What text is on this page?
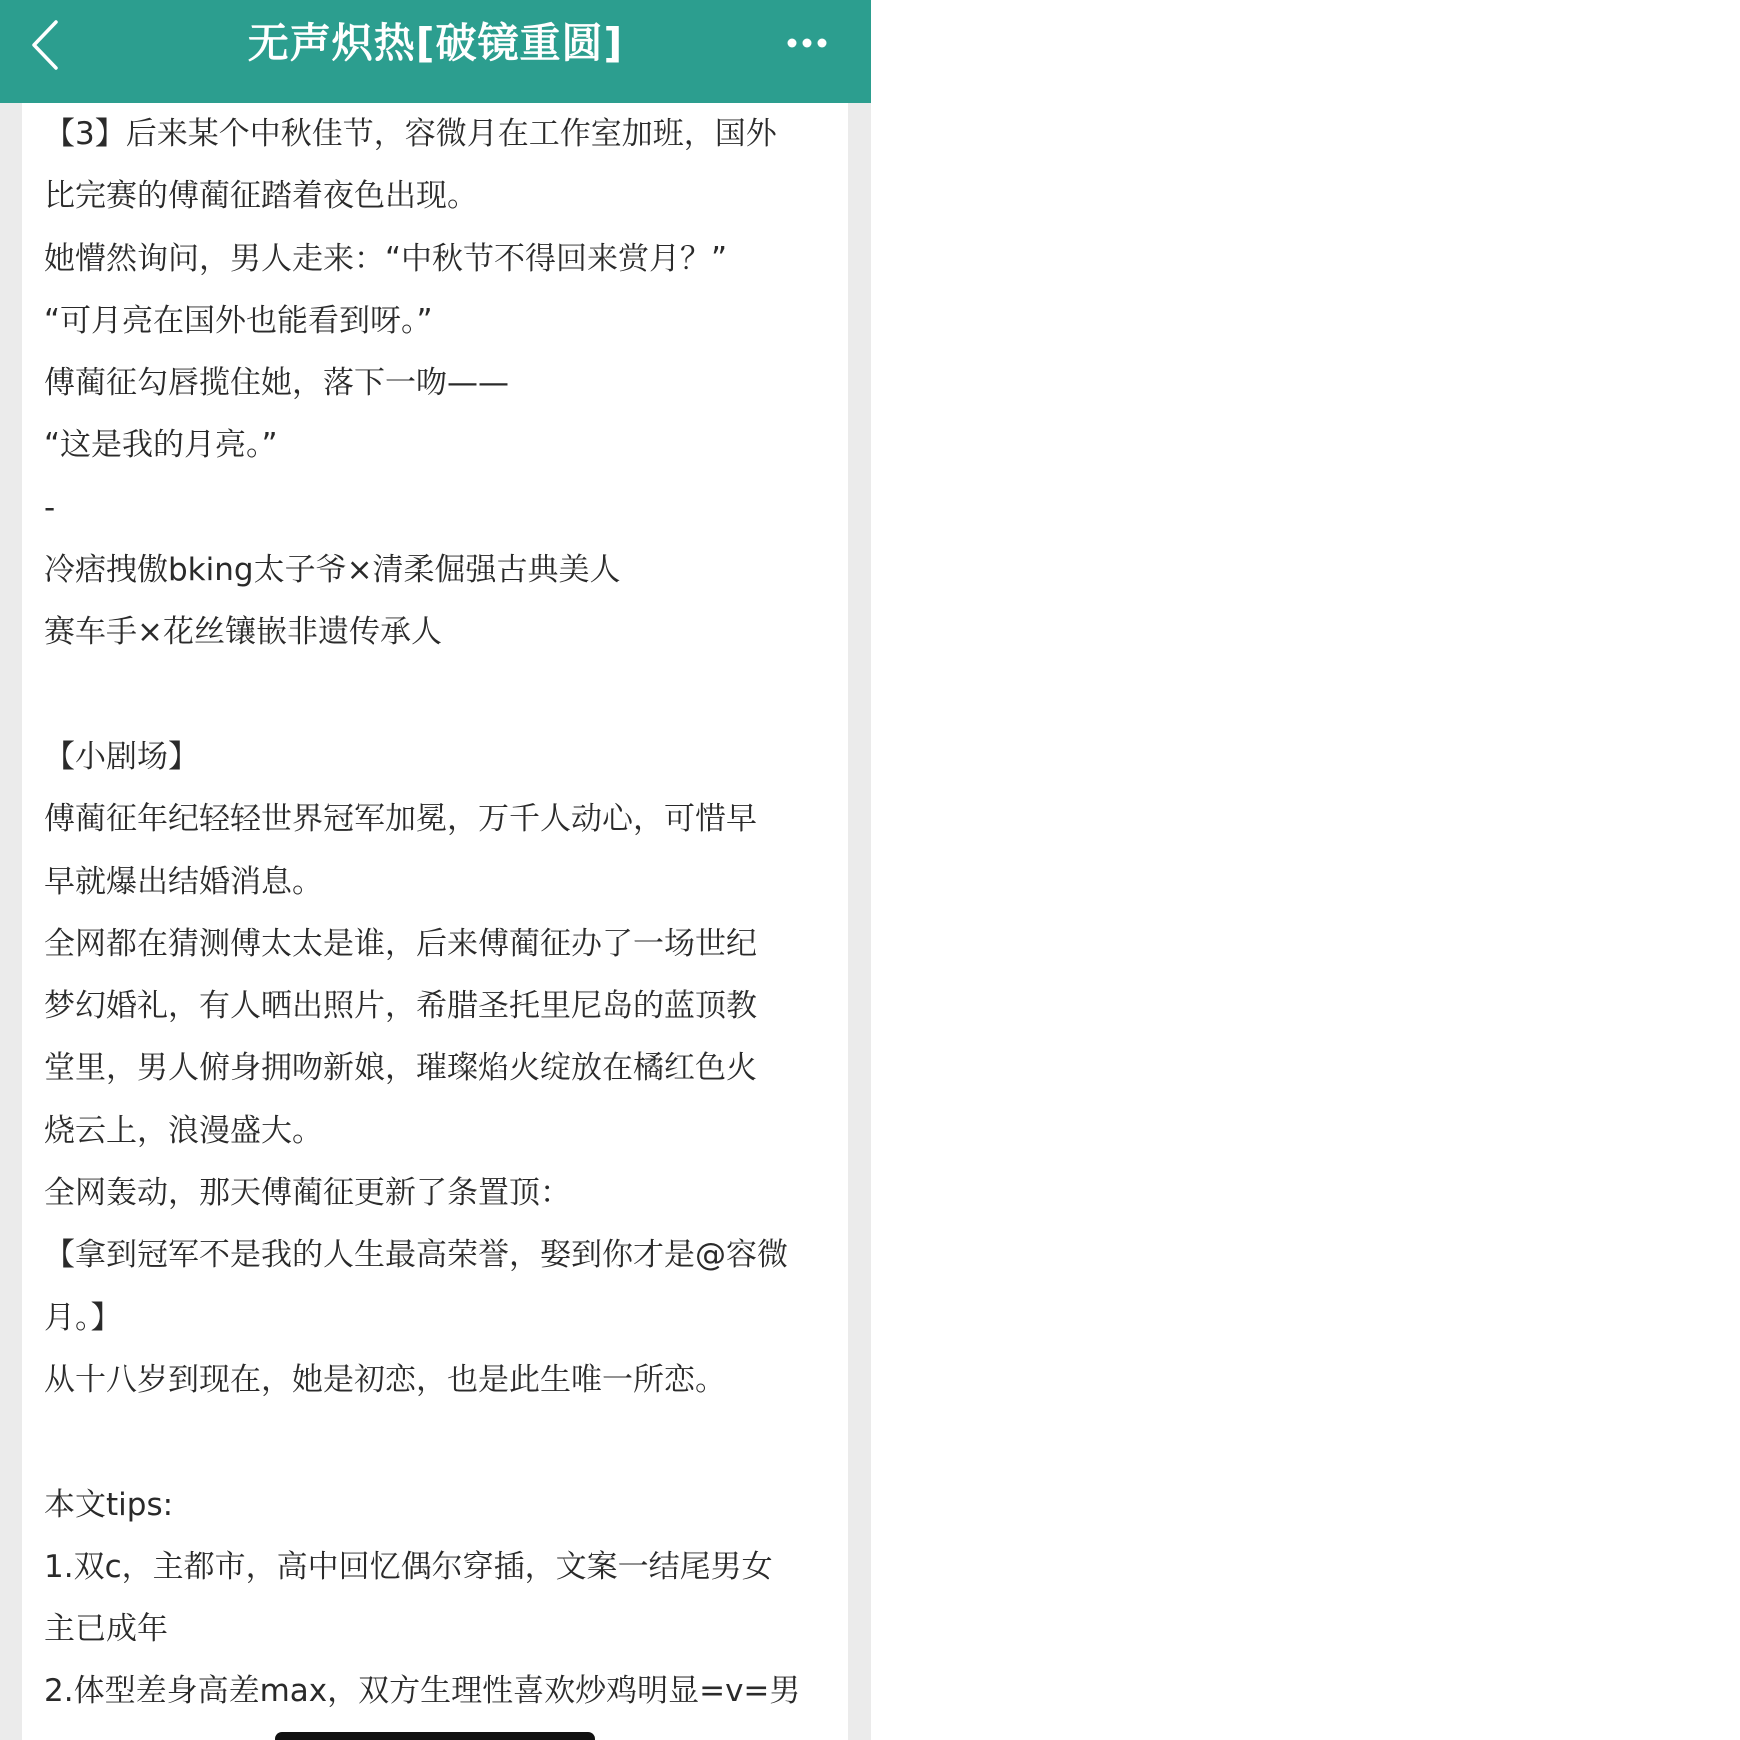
无声炽热[破镜重圆]
【3】后来某个中秋佳节，容微月在工作室加班，国外
比完赛的傅蔺征踏着夜色出现。
她懵然询问，男人走来：“中秋节不得回来赏月？”
“可月亮在国外也能看到呀。”
傅蔺征勾唇揽住她，落下一吻——
“这是我的月亮。”
-
冷痞拽傲bking太子爷×清柔倔强古典美人
赛车手×花丝镶嵌非遗传承人
【小剧场】
傅蔺征年纪轻轻世界冠军加冕，万千人动心，可惜早
早就爆出结婚消息。
全网都在猜测傅太太是谁，后来傅蔺征办了一场世纪
梦幻婚礼，有人晒出照片，希腊圣托里尼岛的蓝顶教
堂里，男人俯身拥吻新娘，璀璨焰火绽放在橘红色火
烧云上，浪漫盛大。
全网轰动，那天傅蔺征更新了条置顶：
【拿到冠军不是我的人生最高荣誉，娶到你才是@容微
月。】
从十八岁到现在，她是初恋，也是此生唯一所恋。
本文tips:
1.双c，主都市，高中回忆偶尔穿插，文案一结尾男女
主已成年
2.体型差身高差max，双方生理性喜欢炒鸡明显=v=男
